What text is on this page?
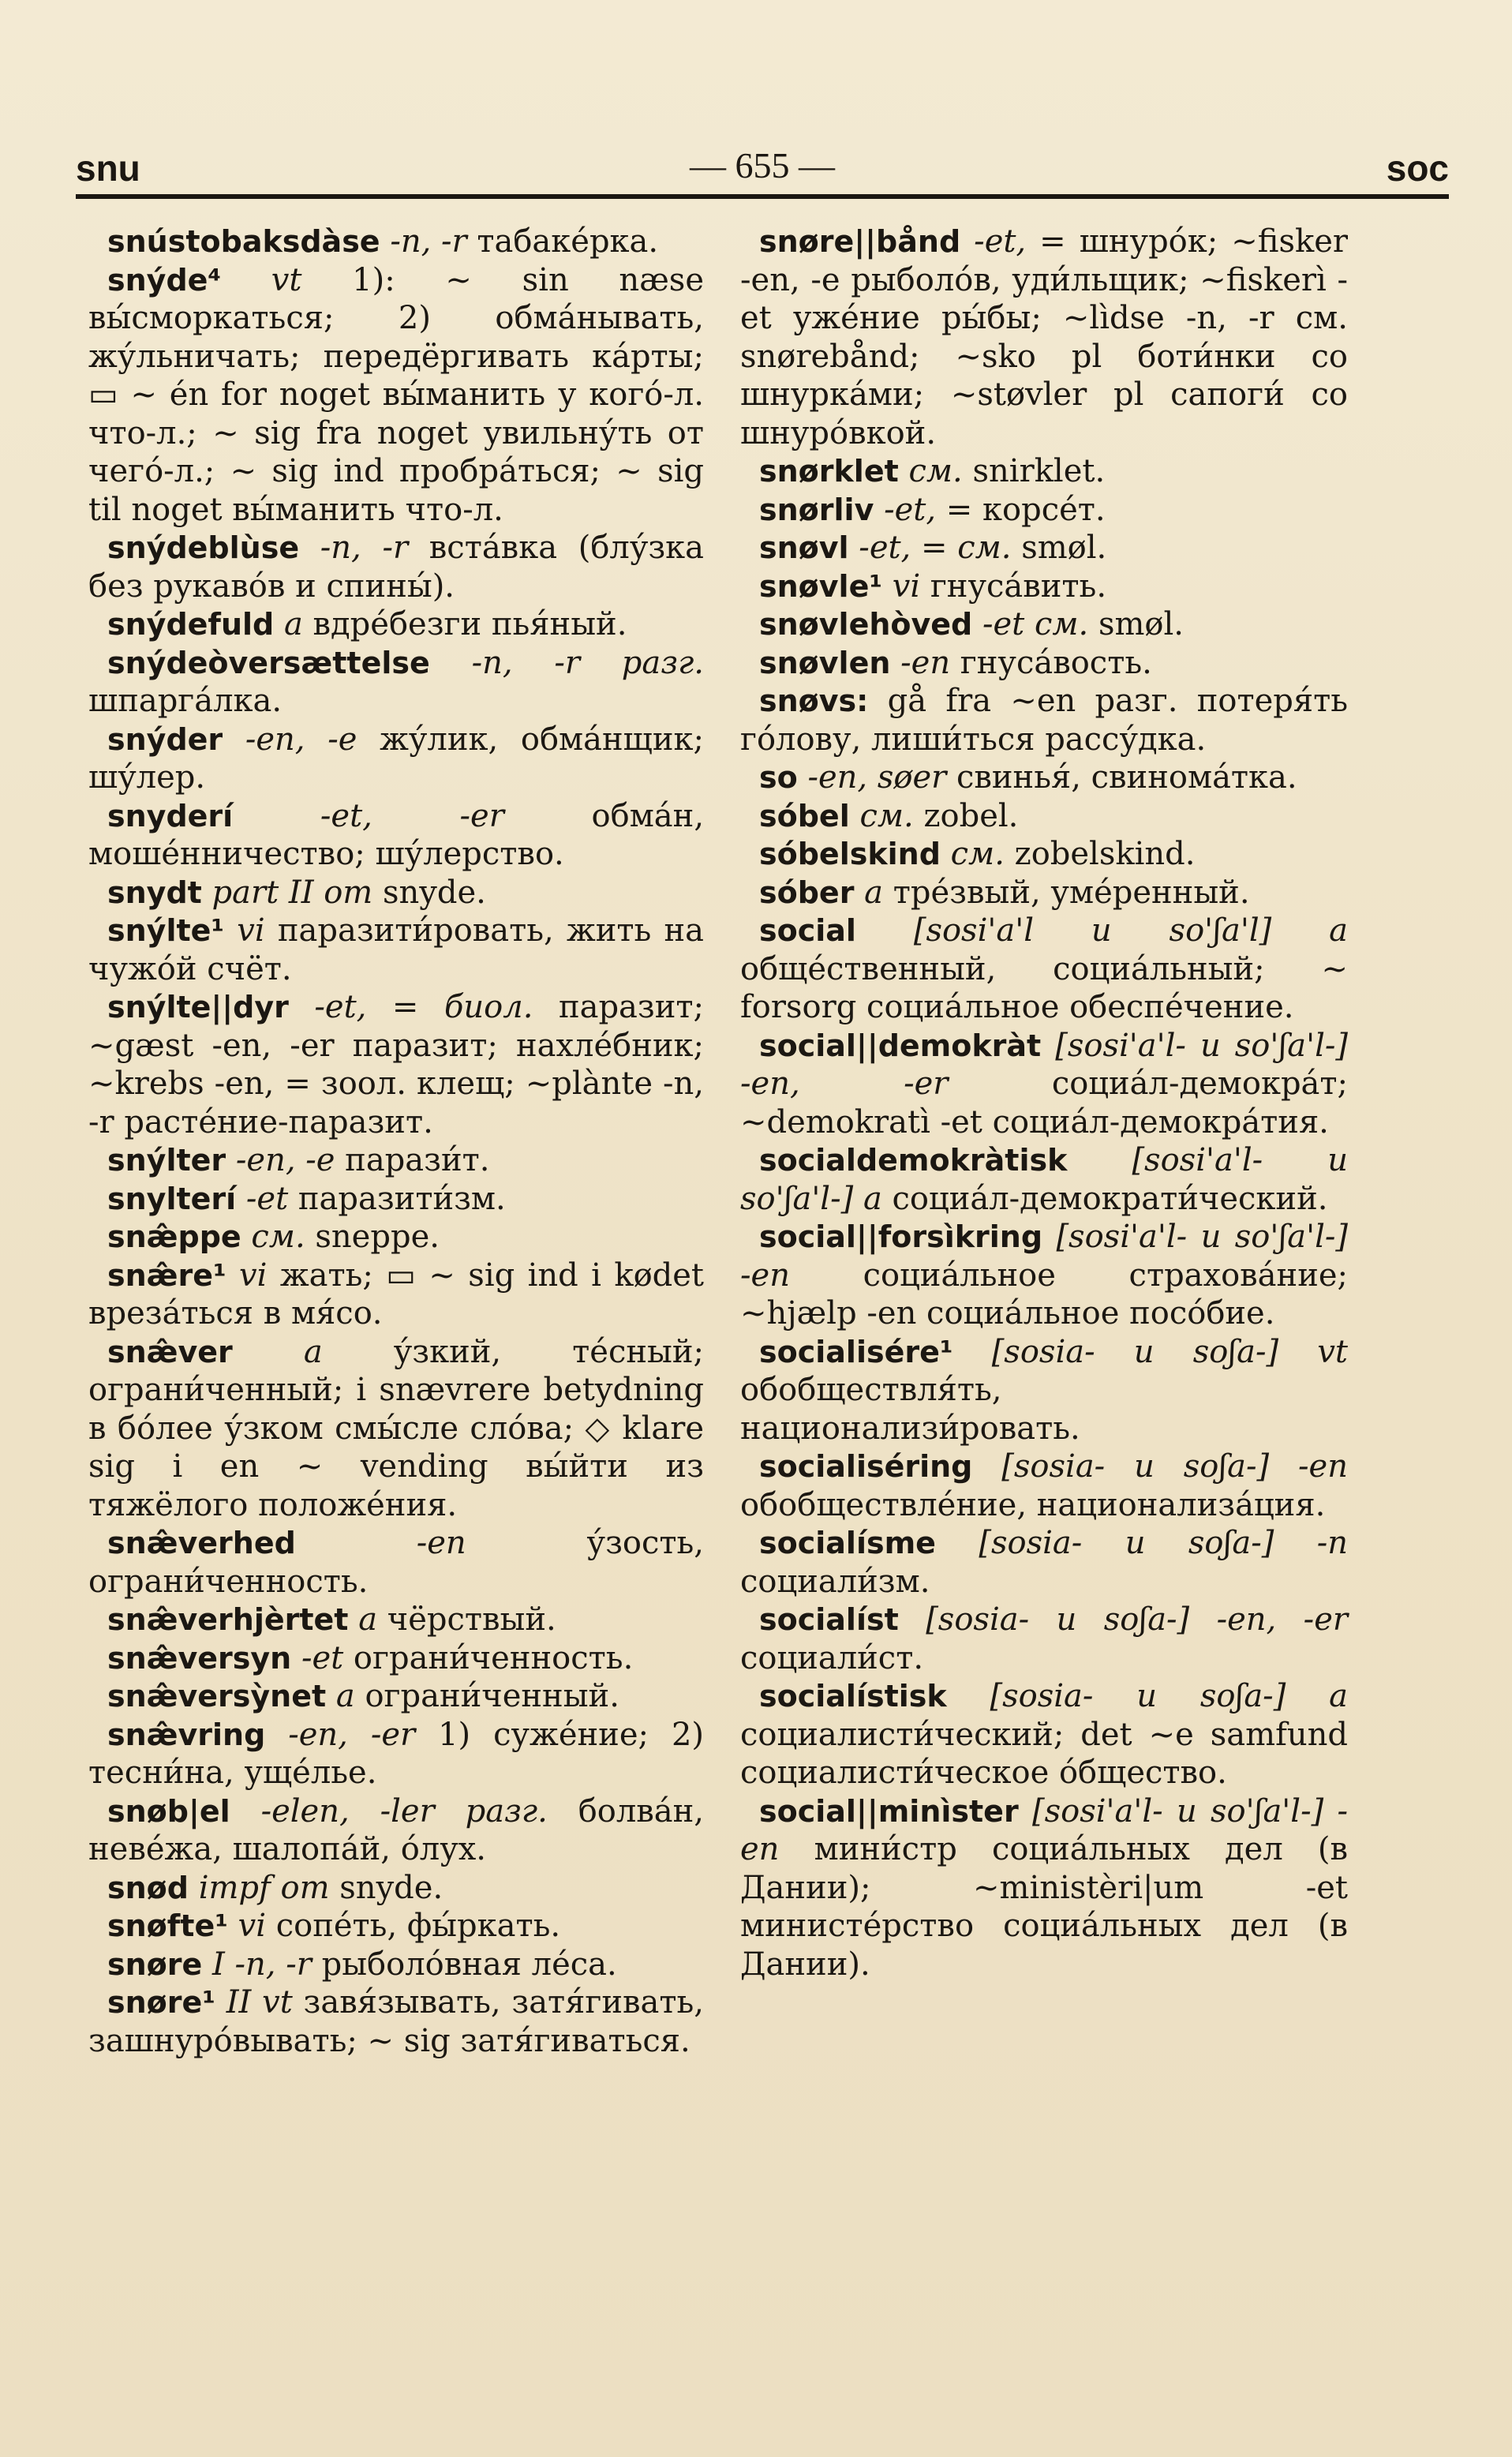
snu	— 655 —	soc

snústobaksdàse -n, -r табаке́рка.

snýde⁴ vt 1): ~ sin næse вы́сморкаться; 2) обма́нывать, жу́льничать; передёргивать ка́рты; ▭ ~ én for noget вы́манить у кого́-л. что-л.; ~ sig fra noget увильну́ть от чего́-л.; ~ sig ind пробра́ться; ~ sig til noget вы́манить что-л.

snýdeblùse -n, -r вста́вка (блу́зка без рукаво́в и спины́).

snýdefuld a вдре́безги пья́ный.

snýdeòversættelse -n, -r разг. шпарга́лка.

snýder -en, -e жу́лик, обма́нщик; шу́лер.

snyderí	-et, -er	обма́н, моше́нничество; шу́лерство.

snydt part II om snyde.

snýlte¹ vi паразити́ровать, жить на чужо́й счёт.

snýlte||dyr -et, = биол. паразит; ~gæst -en, -er паразит; нахле́бник; ~krebs -en, = зоол. клещ; ~plànte -n, -r расте́ние-паразит.

snýlter -en, -e парази́т.

snylterí -et паразити́зм.

snæ̂ppe см. sneppe.

snæ̂re¹ vi жать; ▭ ~ sig ind i kødet вреза́ться в мя́со.

snæ̂ver a у́зкий, те́сный; ограни́ченный; i snævrere betydning в бо́лее у́зком смы́сле сло́ва; ◇ klare sig i en ~ vending вы́йти из тяжёлого положе́ния.

snæ̂verhed	-en	у́зость, ограни́ченность.

snæ̂verhjèrtet a чёрствый.

snæ̂versyn -et ограни́ченность.

snæ̂versỳnet a ограни́ченный.

snæ̂vring -en, -er 1) суже́ние; 2) тесни́на, уще́лье.

snøb|el -elen, -ler разг. болва́н, неве́жа, шалопа́й, о́лух.

snød impf om snyde.

snøfte¹ vi сопе́ть, фы́ркать.

snøre I -n, -r рыболо́вная ле́са.

snøre¹ II vt завя́зывать, затя́гивать, зашнуро́вывать; ~ sig затя́гиваться.

snøre||bånd -et, = шнуро́к; ~fisker -en, -e рыболо́в, уди́льщик; ~fiskerì -et уже́ние ры́бы; ~lìdse -n, -r см. snørebånd; ~sko pl боти́нки со шнурка́ми; ~støvler pl сапоги́ со шнуро́вкой.

snørklet см. snirklet.

snørliv -et, = корсе́т.

snøvl -et, = см. smøl.

snøvle¹ vi гнуса́вить.

snøvlehòved -et см. smøl.

snøvlen -en гнуса́вость.

snøvs: gå fra ~en разг. потеря́ть го́лову, лиши́ться рассу́дка.

so -en, søer свинья́, свинома́тка.

sóbel см. zobel.

sóbelskind см. zobelskind.

sóber a тре́звый, уме́ренный.

social [sosi'a'l и so'ʃa'l] a обще́ственный, социа́льный; ~ forsorg социа́льное обеспе́чение.

social||demokràt [sosi'a'l- и so'ʃa'l-] -en, -er	социа́л-демокра́т; ~demokratì -et социа́л-демокра́тия.

socialdemokràtisk [sosi'a'l- и so'ʃa'l-] a социа́л-демократи́ческий.

social||forsìkring [sosi'a'l- и so'ʃa'l-] -en социа́льное страхова́ние; ~hjælp -en социа́льное посо́бие.

socialisére¹ [sosia- и soʃa-] vt обобществля́ть, национализи́ровать.

socialiséring [sosia- и soʃa-] -en обобществле́ние, национализа́ция.

socialísme [sosia- и soʃa-] -n социали́зм.

socialíst [sosia- и soʃa-] -en, -er социали́ст.

socialístisk [sosia- и soʃa-] a социалисти́ческий; det ~e samfund социалисти́ческое о́бщество.

social||minìster [sosi'a'l- и so'ʃa'l-] -en мини́стр социа́льных дел (в Дании); ~ministèri|um -et министе́рство социа́льных дел (в Дании).
